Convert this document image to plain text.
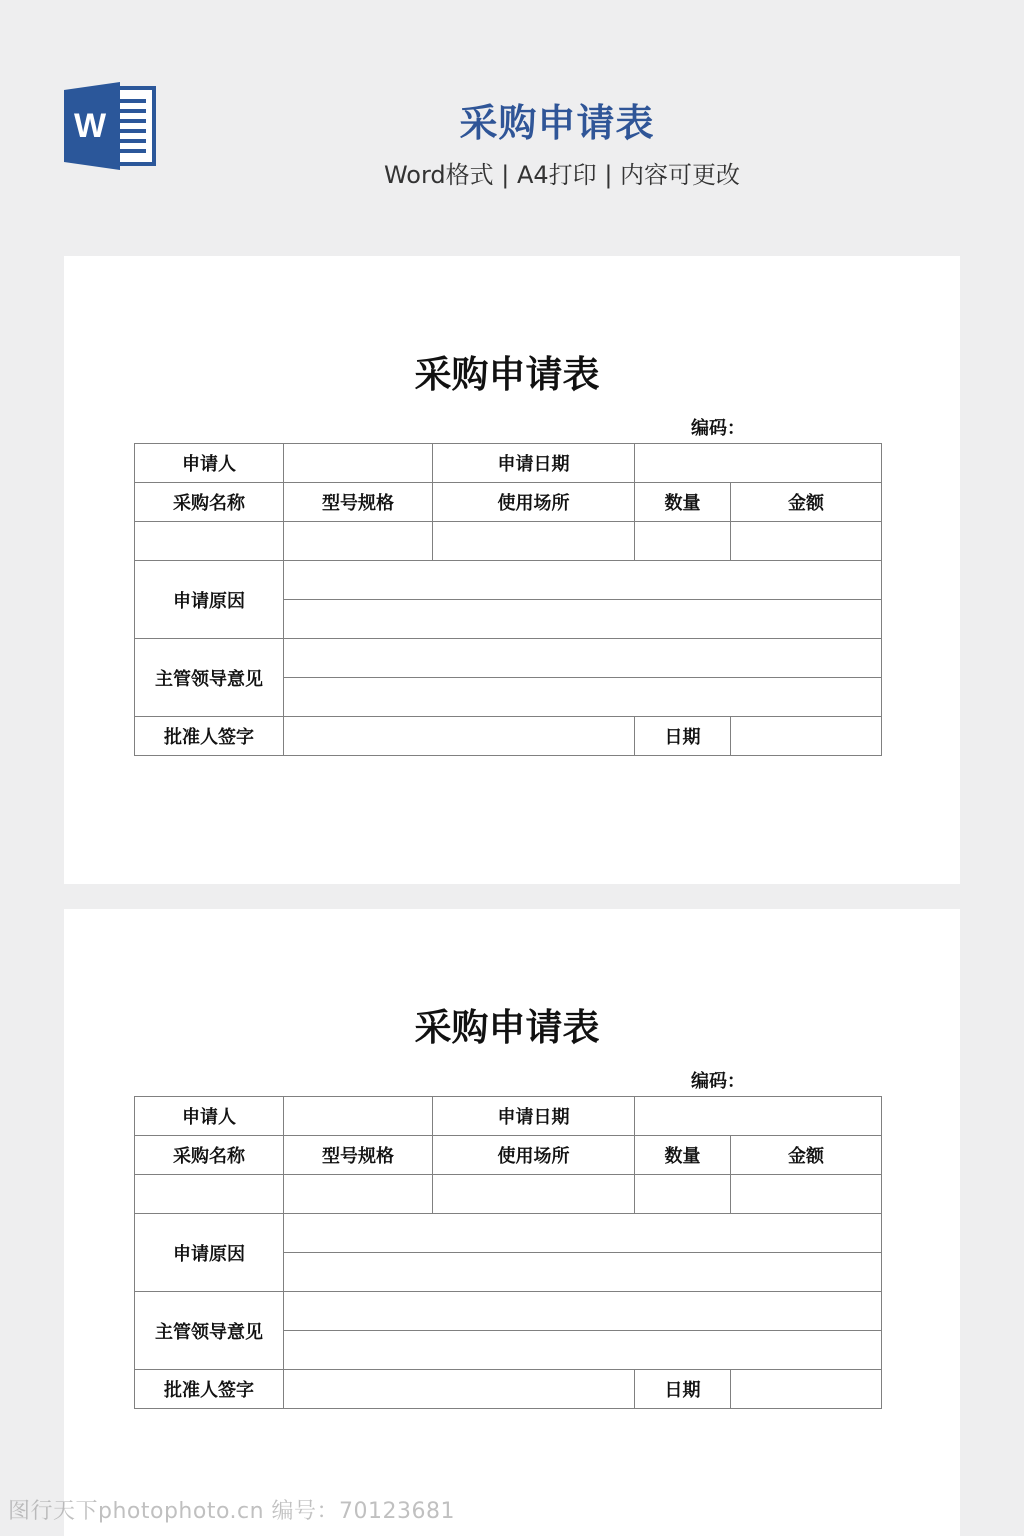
W	采购申请表
Word格式 | A4打印 | 内容可更改
采购申请表
编码：
申请人		申请日期		
采购名称	型号规格	使用场所	数量	金额

申请原因				

主管领导意见				

批准人签字			日期	
采购申请表
编码：
申请人		申请日期		
采购名称	型号规格	使用场所	数量	金额

申请原因				

主管领导意见				

批准人签字			日期	
图行天下photophoto.cn 编号：70123681
